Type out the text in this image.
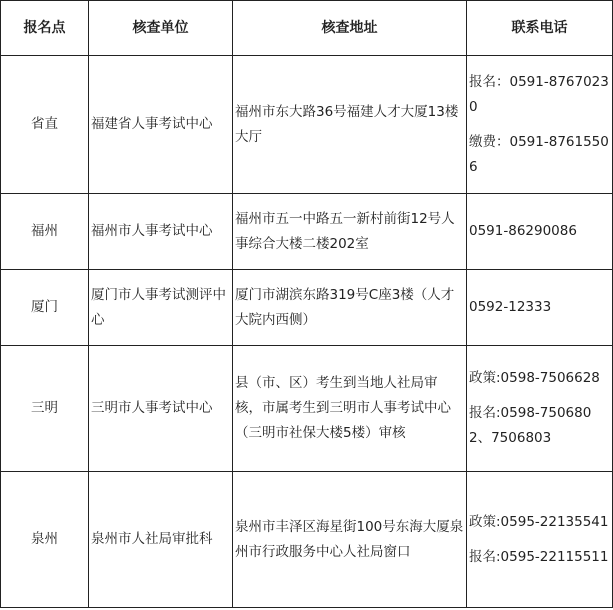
报名点	核查单位	核查地址	联系电话
省直	福建省人事考试中心	福州市东大路36号福建人才大厦13楼大厅	报名：0591-87670230
缴费：0591-87615506

福州	福州市人事考试中心	福州市五一中路五一新村前街12号人事综合大楼二楼202室	0591-86290086

厦门	厦门市人事考试测评中心	厦门市湖滨东路319号C座3楼（人才大院内西侧）	0592-12333

三明	三明市人事考试中心	县（市、区）考生到当地人社局审核，市属考生到三明市人事考试中心（三明市社保大楼5楼）审核	政策:0598-7506628
报名:0598-7506802、7506803

泉州	泉州市人社局审批科	泉州市丰泽区海星街100号东海大厦泉州市行政服务中心人社局窗口	政策:0595-22135541
报名:0595-22115511
